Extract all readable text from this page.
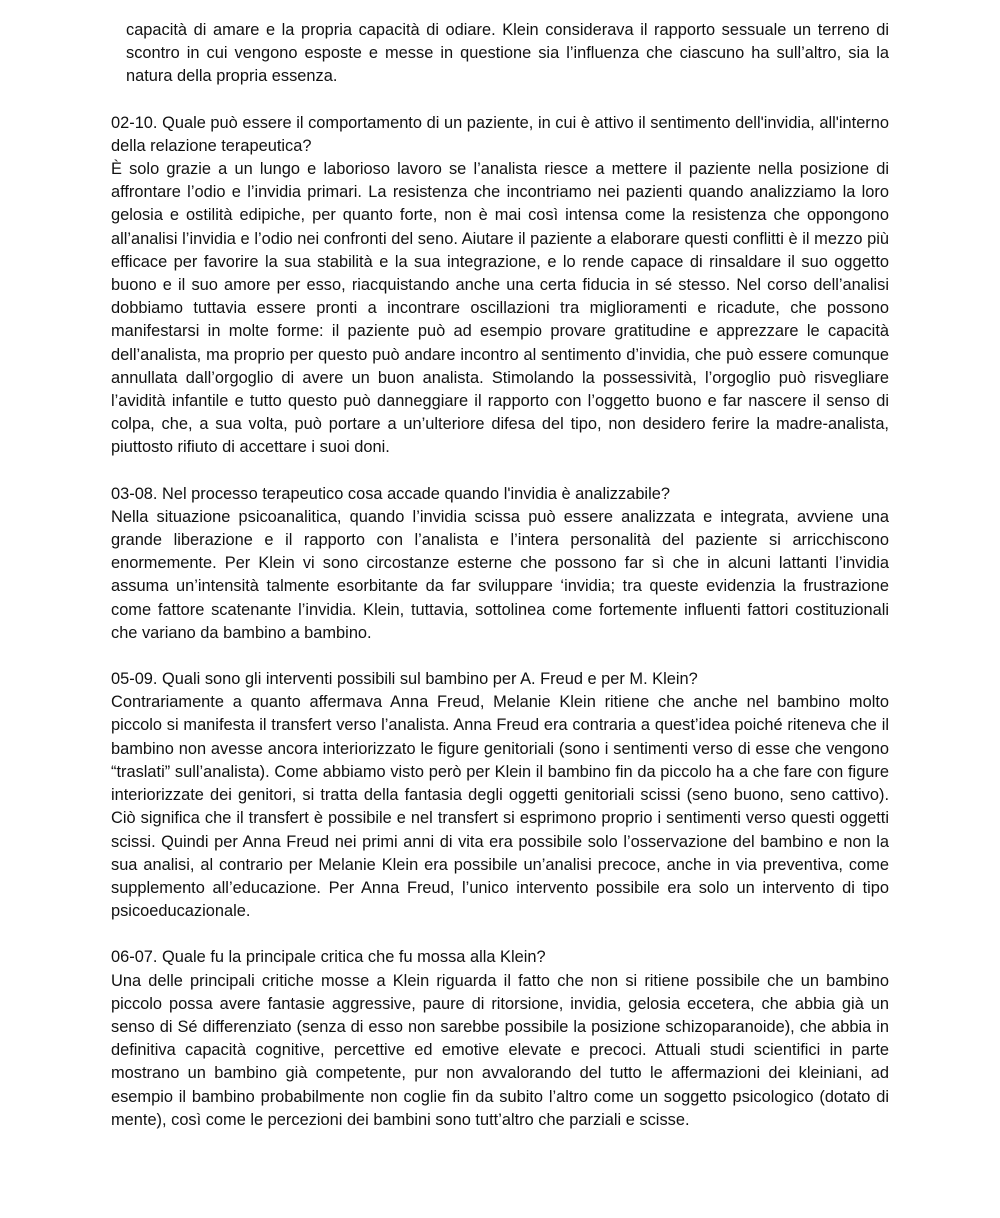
capacità di amare e la propria capacità di odiare. Klein considerava il rapporto sessuale un terreno di scontro in cui vengono esposte e messe in questione sia l’influenza che ciascuno ha sull’altro, sia la natura della propria essenza.

02-10. Quale può essere il comportamento di un paziente, in cui è attivo il sentimento dell'invidia, all'interno della relazione terapeutica?
È solo grazie a un lungo e laborioso lavoro se l’analista riesce a mettere il paziente nella posizione di affrontare l’odio e l’invidia primari. La resistenza che incontriamo nei pazienti quando analizziamo la loro gelosia e ostilità edipiche, per quanto forte, non è mai così intensa come la resistenza che oppongono all’analisi l’invidia e l’odio nei confronti del seno. Aiutare il paziente a elaborare questi conflitti è il mezzo più efficace per favorire la sua stabilità e la sua integrazione, e lo rende capace di rinsaldare il suo oggetto buono e il suo amore per esso, riacquistando anche una certa fiducia in sé stesso. Nel corso dell’analisi dobbiamo tuttavia essere pronti a incontrare oscillazioni tra miglioramenti e ricadute, che possono manifestarsi in molte forme: il paziente può ad esempio provare gratitudine e apprezzare le capacità dell’analista, ma proprio per questo può andare incontro al sentimento d’invidia, che può essere comunque annullata dall’orgoglio di avere un buon analista. Stimolando la possessività, l’orgoglio può risvegliare l’avidità infantile e tutto questo può danneggiare il rapporto con l’oggetto buono e far nascere il senso di colpa, che, a sua volta, può portare a un’ulteriore difesa del tipo, non desidero ferire la madre-analista, piuttosto rifiuto di accettare i suoi doni.
03-08. Nel processo terapeutico cosa accade quando l'invidia è analizzabile?
Nella situazione psicoanalitica, quando l’invidia scissa può essere analizzata e integrata, avviene una grande liberazione e il rapporto con l’analista e l’intera personalità del paziente si arricchiscono enormemente. Per Klein vi sono circostanze esterne che possono far sì che in alcuni lattanti l’invidia assuma un’intensità talmente esorbitante da far sviluppare ‘invidia; tra queste evidenzia la frustrazione come fattore scatenante l’invidia. Klein, tuttavia, sottolinea come fortemente influenti fattori costituzionali che variano da bambino a bambino.
05-09. Quali sono gli interventi possibili sul bambino per A. Freud e per M. Klein?
Contrariamente a quanto affermava Anna Freud, Melanie Klein ritiene che anche nel bambino molto piccolo si manifesta il transfert verso l’analista. Anna Freud era contraria a quest’idea poiché riteneva che il bambino non avesse ancora interiorizzato le figure genitoriali (sono i sentimenti verso di esse che vengono “traslati” sull’analista). Come abbiamo visto però per Klein il bambino fin da piccolo ha a che fare con figure interiorizzate dei genitori, si tratta della fantasia degli oggetti genitoriali scissi (seno buono, seno cattivo). Ciò significa che il transfert è possibile e nel transfert si esprimono proprio i sentimenti verso questi oggetti scissi. Quindi per Anna Freud nei primi anni di vita era possibile solo l’osservazione del bambino e non la sua analisi, al contrario per Melanie Klein era possibile un’analisi precoce, anche in via preventiva, come supplemento all’educazione. Per Anna Freud, l’unico intervento possibile era solo un intervento di tipo psicoeducazionale.
06-07. Quale fu la principale critica che fu mossa alla Klein?
Una delle principali critiche mosse a Klein riguarda il fatto che non si ritiene possibile che un bambino piccolo possa avere fantasie aggressive, paure di ritorsione, invidia, gelosia eccetera, che abbia già un senso di Sé differenziato (senza di esso non sarebbe possibile la posizione schizoparanoide), che abbia in definitiva capacità cognitive, percettive ed emotive elevate e precoci. Attuali studi scientifici in parte mostrano un bambino già competente, pur non avvalorando del tutto le affermazioni dei kleiniani, ad esempio il bambino probabilmente non coglie fin da subito l’altro come un soggetto psicologico (dotato di mente), così come le percezioni dei bambini sono tutt’altro che parziali e scisse.
